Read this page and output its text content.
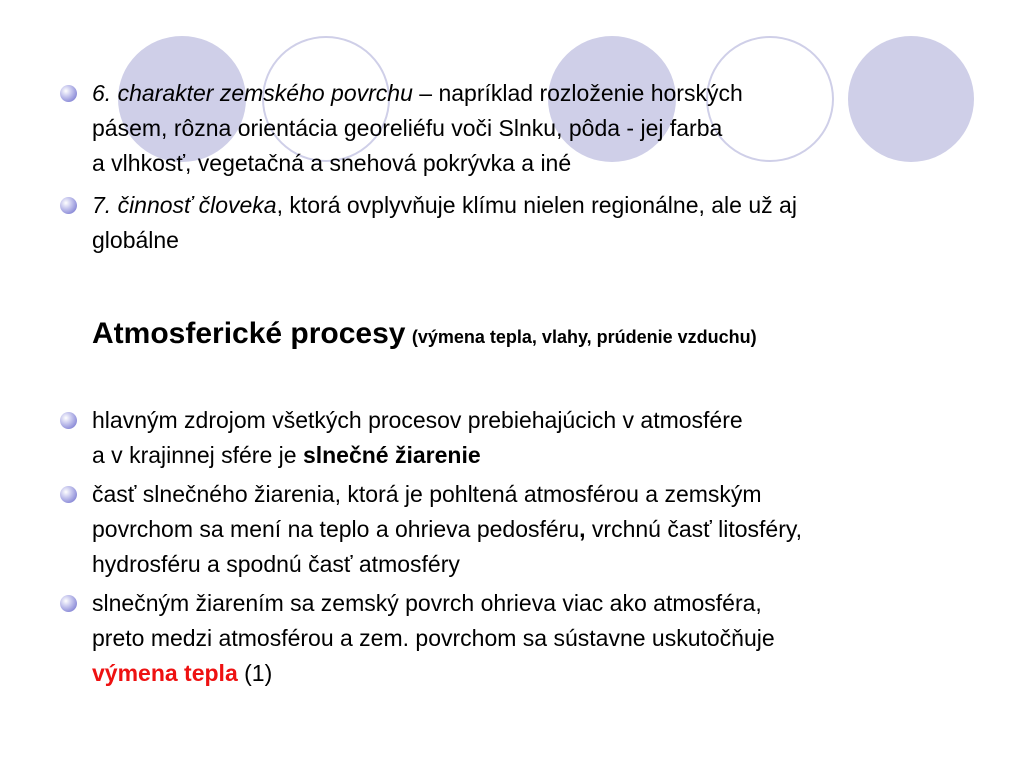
6. charakter zemského povrchu – napríklad rozloženie horských
pásem, rôzna orientácia georeliéfu voči Slnku, pôda - jej farba
a vlhkosť, vegetačná a snehová pokrývka a iné

7. činnosť človeka, ktorá ovplyvňuje klímu nielen regionálne, ale už aj
globálne

Atmosferické procesy (výmena tepla, vlahy, prúdenie vzduchu)

hlavným zdrojom všetkých procesov prebiehajúcich v atmosfére
a v krajinnej sfére je slnečné žiarenie

časť slnečného žiarenia, ktorá je pohltená atmosférou a zemským
povrchom sa mení na teplo a ohrieva pedosféru, vrchnú časť litosféry,
hydrosféru a spodnú časť atmosféry

slnečným žiarením sa zemský povrch ohrieva viac ako atmosféra,
preto medzi atmosférou a zem. povrchom sa sústavne uskutočňuje
výmena tepla (1)
